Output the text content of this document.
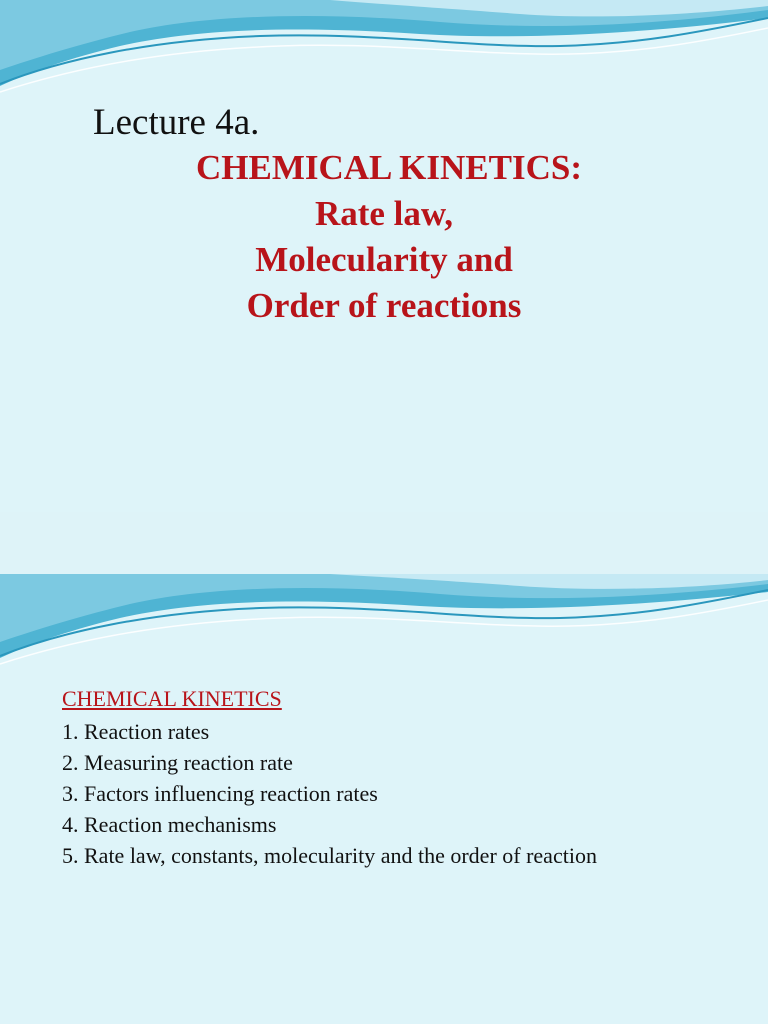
Lecture 4a.
CHEMICAL KINETICS:
Rate law,
Molecularity and
Order of reactions
CHEMICAL KINETICS
1. Reaction rates
2. Measuring reaction rate
3. Factors influencing reaction rates
4. Reaction mechanisms
5. Rate law, constants, molecularity and the order of reaction
